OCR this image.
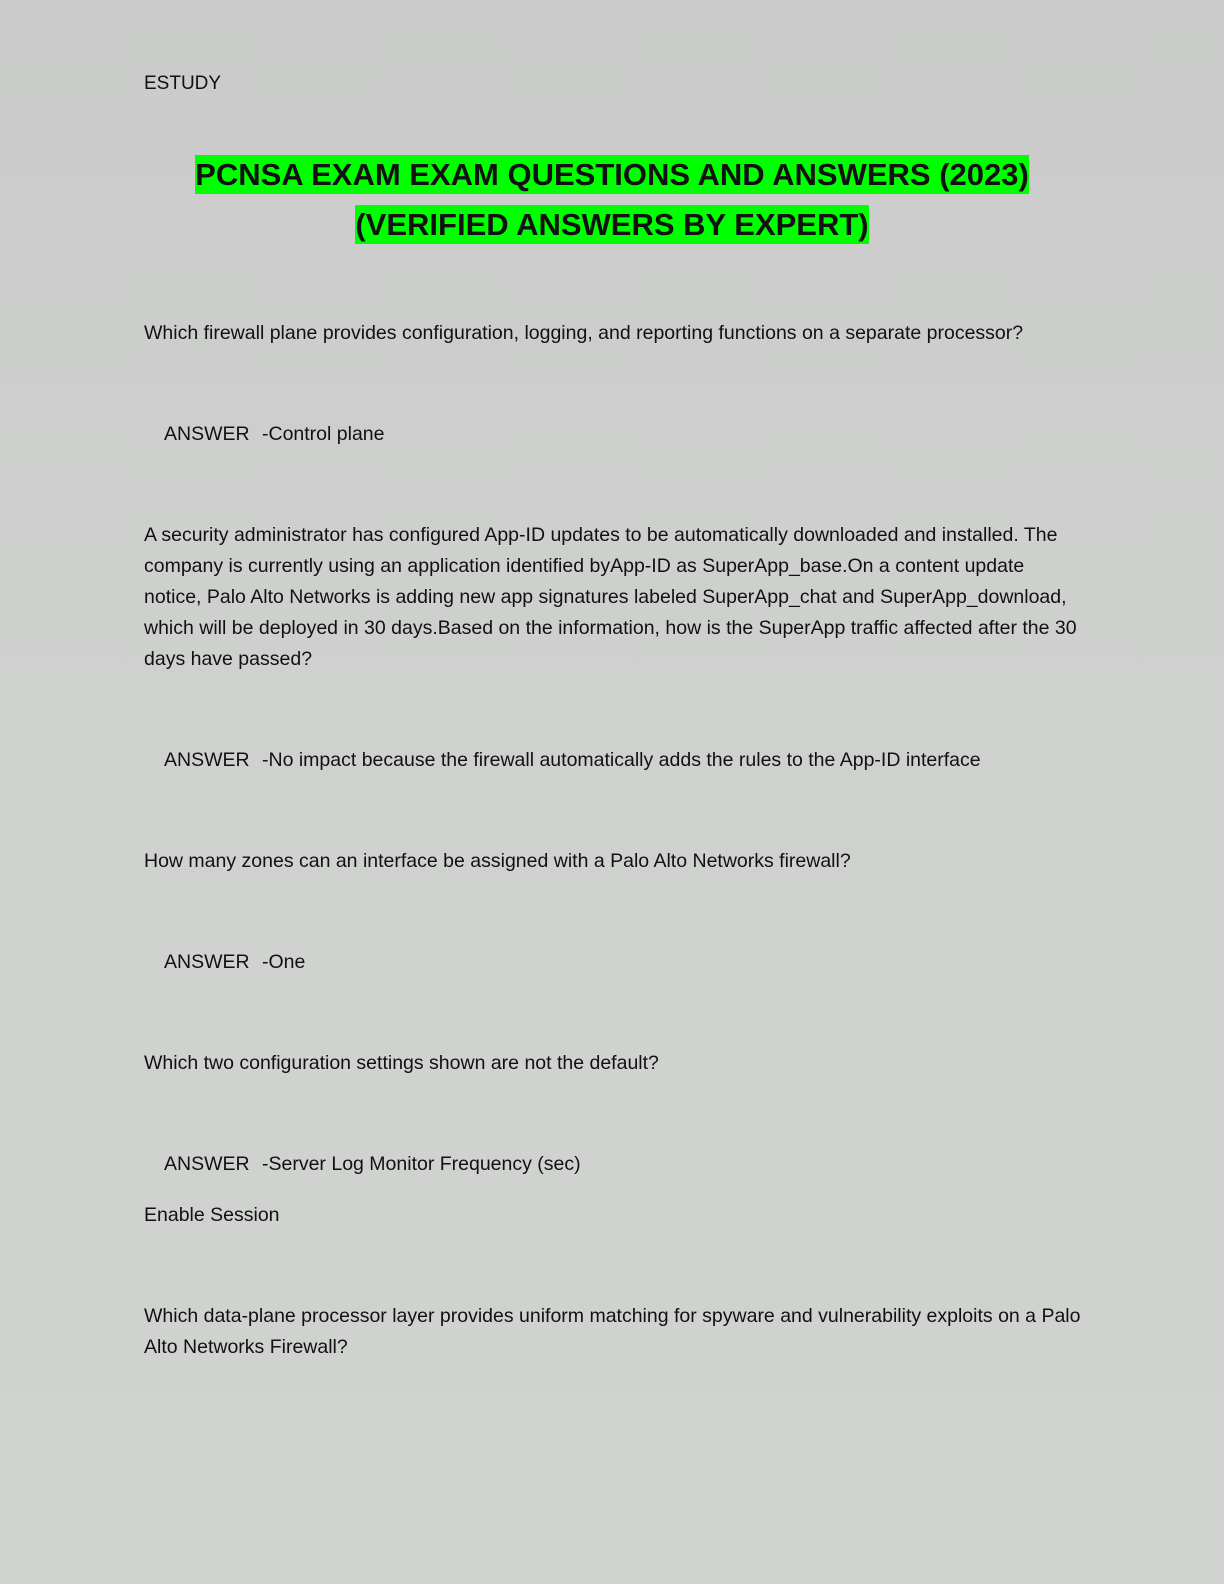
ESTUDY
PCNSA EXAM EXAM QUESTIONS AND ANSWERS (2023)
(VERIFIED ANSWERS BY EXPERT)

Which firewall plane provides configuration, logging, and reporting functions on a separate processor?

ANSWER -Control plane

A security administrator has configured App-ID updates to be automatically downloaded and installed. The company is currently using an application identified byApp-ID as SuperApp_base.On a content update notice, Palo Alto Networks is adding new app signatures labeled SuperApp_chat and SuperApp_download, which will be deployed in 30 days.Based on the information, how is the SuperApp traffic affected after the 30 days have passed?

ANSWER -No impact because the firewall automatically adds the rules to the App-ID interface

How many zones can an interface be assigned with a Palo Alto Networks firewall?

ANSWER -One

Which two configuration settings shown are not the default?

ANSWER -Server Log Monitor Frequency (sec)
Enable Session

Which data-plane processor layer provides uniform matching for spyware and vulnerability exploits on a Palo Alto Networks Firewall?
